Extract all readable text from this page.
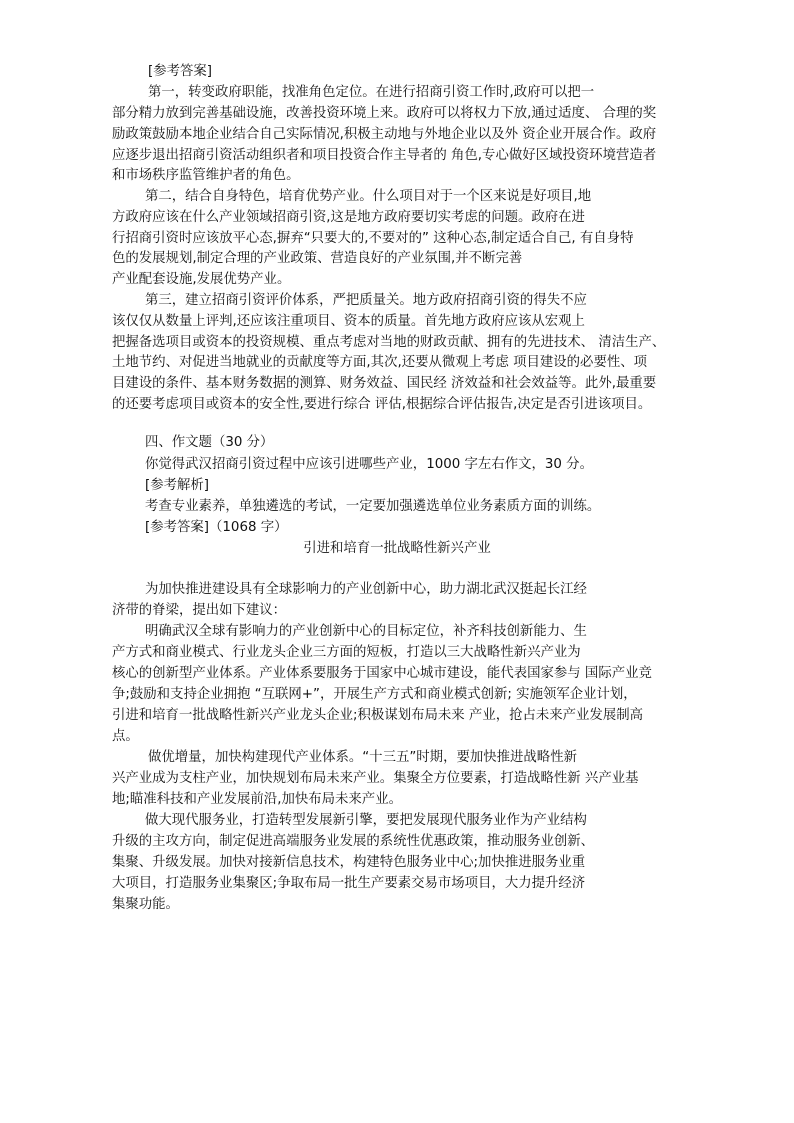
[参考答案]
第一，转变政府职能，找准角色定位。在进行招商引资工作时,政府可以把一
部分精力放到完善基础设施，改善投资环境上来。政府可以将权力下放,通过适度、 合理的奖
励政策鼓励本地企业结合自己实际情况,积极主动地与外地企业以及外 资企业开展合作。政府
应逐步退出招商引资活动组织者和项目投资合作主导者的 角色,专心做好区域投资环境营造者
和市场秩序监管维护者的角色。
第二，结合自身特色，培育优势产业。什么项目对于一个区来说是好项目,地
方政府应该在什么产业领域招商引资,这是地方政府要切实考虑的问题。政府在进
行招商引资时应该放平心态,摒弃“只要大的,不要对的” 这种心态,制定适合自己, 有自身特
色的发展规划,制定合理的产业政策、营造良好的产业氛围,并不断完善
产业配套设施,发展优势产业。
第三，建立招商引资评价体系，严把质量关。地方政府招商引资的得失不应
该仅仅从数量上评判,还应该注重项目、资本的质量。首先地方政府应该从宏观上
把握备选项目或资本的投资规模、重点考虑对当地的财政贡献、拥有的先进技术、 清洁生产、
土地节约、对促进当地就业的贡献度等方面,其次,还要从微观上考虑 项目建设的必要性、项
目建设的条件、基本财务数据的测算、财务效益、国民经 济效益和社会效益等。此外,最重要
的还要考虑项目或资本的安全性,要进行综合 评估,根据综合评估报告,决定是否引进该项目。
四、作文题（30 分）
你觉得武汉招商引资过程中应该引进哪些产业，1000 字左右作文，30 分。
[参考解析]
考查专业素养，单独遴选的考试，一定要加强遴选单位业务素质方面的训练。
[参考答案]（1068 字）
引进和培育一批战略性新兴产业
为加快推进建设具有全球影响力的产业创新中心，助力湖北武汉挺起长江经
济带的脊梁，提出如下建议：
明确武汉全球有影响力的产业创新中心的目标定位，补齐科技创新能力、生
产方式和商业模式、行业龙头企业三方面的短板，打造以三大战略性新兴产业为
核心的创新型产业体系。产业体系要服务于国家中心城市建设，能代表国家参与 国际产业竞
争;鼓励和支持企业拥抱 “互联网+”，开展生产方式和商业模式创新; 实施领军企业计划，
引进和培育一批战略性新兴产业龙头企业;积极谋划布局未来 产业，抢占未来产业发展制高
点。
做优增量，加快构建现代产业体系。“十三五”时期，要加快推进战略性新
兴产业成为支柱产业，加快规划布局未来产业。集聚全方位要素，打造战略性新 兴产业基
地;瞄准科技和产业发展前沿,加快布局未来产业。
做大现代服务业，打造转型发展新引擎，要把发展现代服务业作为产业结构
升级的主攻方向，制定促进高端服务业发展的系统性优惠政策，推动服务业创新、
集聚、升级发展。加快对接新信息技术，构建特色服务业中心;加快推进服务业重
大项目，打造服务业集聚区;争取布局一批生产要素交易市场项目，大力提升经济
集聚功能。
